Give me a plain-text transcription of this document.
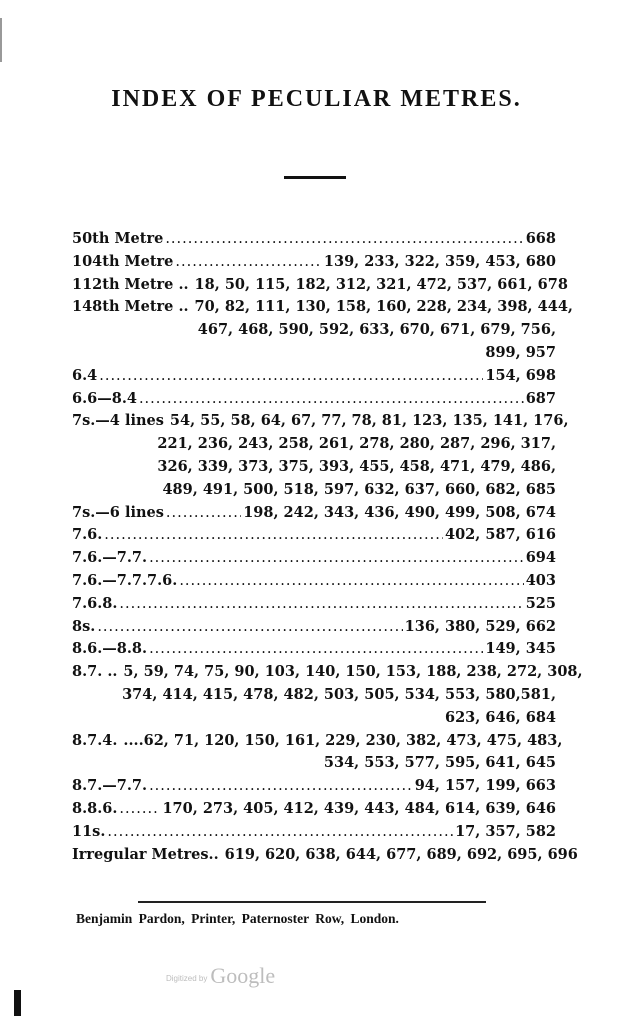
INDEX OF PECULIAR METRES.
50th Metre .....	668
104th Metre .....	139, 233, 322, 359, 453, 680
112th Metre .. 18, 50, 115, 182, 312, 321, 472, 537, 661, 678
148th Metre .. 70, 82, 111, 130, 158, 160, 228, 234, 398, 444,
467, 468, 590, 592, 633, 670, 671, 679, 756,
899, 957
6.4 .....	154, 698
6.6—8.4 .....	687
7s.—4 lines 54, 55, 58, 64, 67, 77, 78, 81, 123, 135, 141, 176,
221, 236, 243, 258, 261, 278, 280, 287, 296, 317,
326, 339, 373, 375, 393, 455, 458, 471, 479, 486,
489, 491, 500, 518, 597, 632, 637, 660, 682, 685
7s.—6 lines .....	198, 242, 343, 436, 490, 499, 508, 674
7.6. .....	402, 587, 616
7.6.—7.7. .....	694
7.6.—7.7.7.6. .....	403
7.6.8. .....	525
8s. .....	136, 380, 529, 662
8.6.—8.8. .....	149, 345
8.7. .. 5, 59, 74, 75, 90, 103, 140, 150, 153, 188, 238, 272, 308,
374, 414, 415, 478, 482, 503, 505, 534, 553, 580,581,
623, 646, 684
8.7.4. ....62, 71, 120, 150, 161, 229, 230, 382, 473, 475, 483,
534, 553, 577, 595, 641, 645
8.7.—7.7. .....	94, 157, 199, 663
8.8.6. .....	170, 273, 405, 412, 439, 443, 484, 614, 639, 646
11s. .....	17, 357, 582
Irregular Metres.. 619, 620, 638, 644, 677, 689, 692, 695, 696
Benjamin Pardon, Printer, Paternoster Row, London.
Digitized by Google
